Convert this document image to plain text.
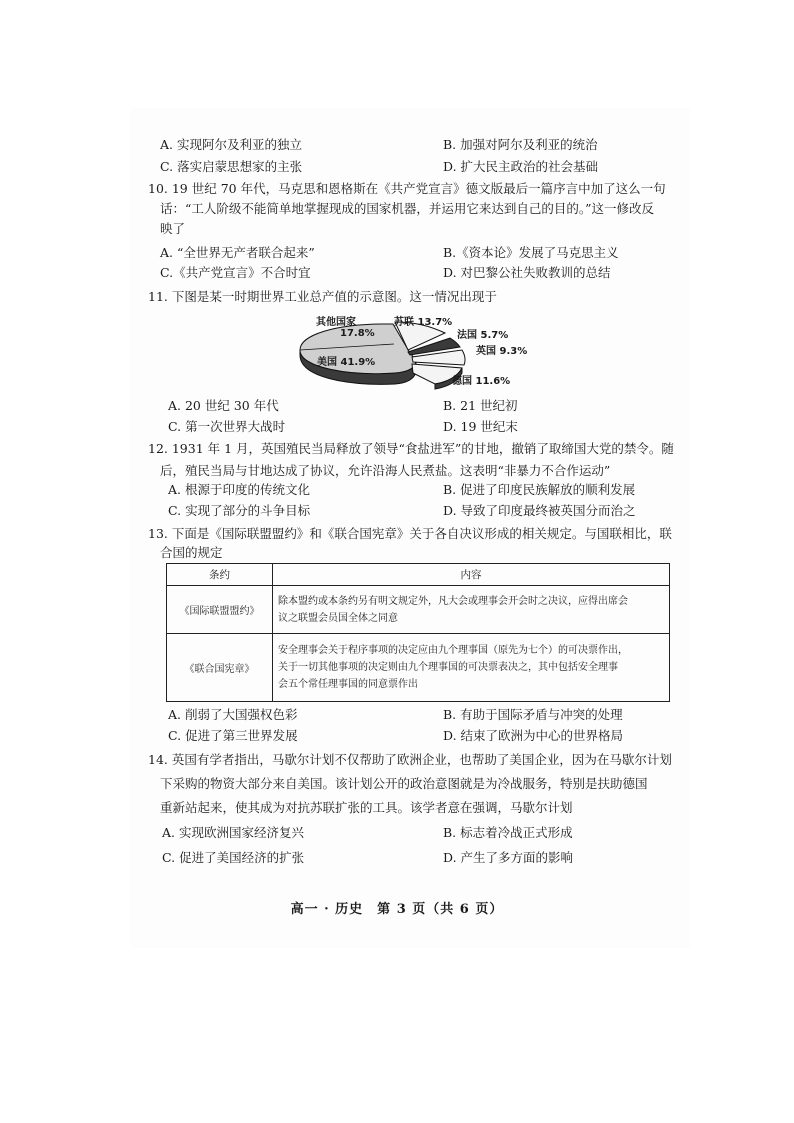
A. 实现阿尔及利亚的独立	B. 加强对阿尔及利亚的统治
C. 落实启蒙思想家的主张	D. 扩大民主政治的社会基础
10. 19 世纪 70 年代，马克思和恩格斯在《共产党宣言》德文版最后一篇序言中加了这么一句
话：“工人阶级不能简单地掌握现成的国家机器，并运用它来达到自己的目的。”这一修改反
映了
A. “全世界无产者联合起来”	B.《资本论》发展了马克思主义
C.《共产党宣言》不合时宜	D. 对巴黎公社失败教训的总结
11. 下图是某一时期世界工业总产值的示意图。这一情况出现于
其他国家
17.8%
苏联 13.7%
法国 5.7%
英国 9.3%
美国 41.9%
德国 11.6%
A. 20 世纪 30 年代	B. 21 世纪初
C. 第一次世界大战时	D. 19 世纪末
12. 1931 年 1 月，英国殖民当局释放了领导“食盐进军”的甘地，撤销了取缔国大党的禁令。随
后，殖民当局与甘地达成了协议，允许沿海人民煮盐。这表明“非暴力不合作运动”
A. 根源于印度的传统文化	B. 促进了印度民族解放的顺利发展
C. 实现了部分的斗争目标	D. 导致了印度最终被英国分而治之
13. 下面是《国际联盟盟约》和《联合国宪章》关于各自决议形成的相关规定。与国联相比，联
合国的规定
条约	内容
《国际联盟盟约》	除本盟约或本条约另有明文规定外，凡大会或理事会开会时之决议，应得出席会
议之联盟会员国全体之同意

《联合国宪章》	安全理事会关于程序事项的决定应由九个理事国（原先为七个）的可决票作出，
关于一切其他事项的决定则由九个理事国的可决票表决之，其中包括安全理事
会五个常任理事国的同意票作出
A. 削弱了大国强权色彩	B. 有助于国际矛盾与冲突的处理
C. 促进了第三世界发展	D. 结束了欧洲为中心的世界格局
14. 英国有学者指出，马歇尔计划不仅帮助了欧洲企业，也帮助了美国企业，因为在马歇尔计划
下采购的物资大部分来自美国。该计划公开的政治意图就是为冷战服务，特别是扶助德国
重新站起来，使其成为对抗苏联扩张的工具。该学者意在强调，马歇尔计划
A. 实现欧洲国家经济复兴	B. 标志着冷战正式形成
C. 促进了美国经济的扩张	D. 产生了多方面的影响
高一 · 历史　第 3 页（共 6 页）
